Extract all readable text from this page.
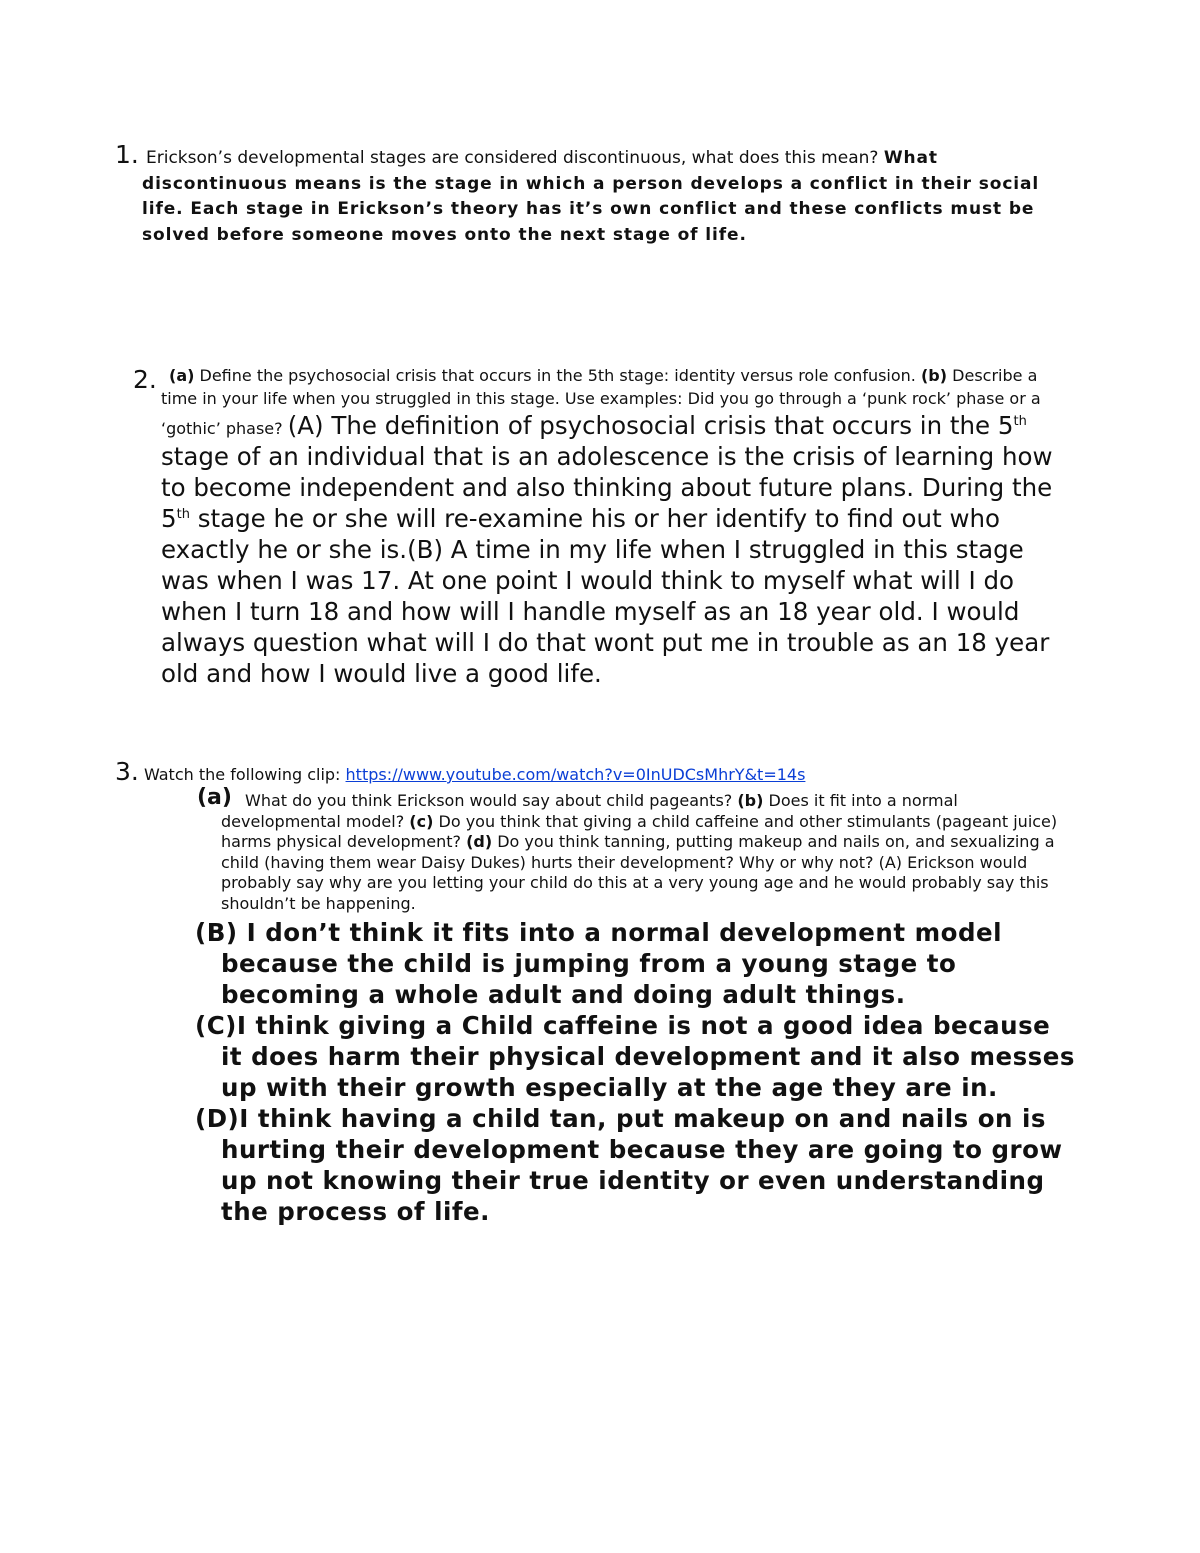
1. Erickson’s developmental stages are considered discontinuous, what does this mean? What discontinuous means is the stage in which a person develops a conflict in their social life. Each stage in Erickson’s theory has it’s own conflict and these conflicts must be solved before someone moves onto the next stage of life.
2. (a) Define the psychosocial crisis that occurs in the 5th stage: identity versus role confusion. (b) Describe a time in your life when you struggled in this stage. Use examples: Did you go through a ‘punk rock’ phase or a ‘gothic’ phase? (A) The definition of psychosocial crisis that occurs in the 5th stage of an individual that is an adolescence is the crisis of learning how to become independent and also thinking about future plans. During the 5th stage he or she will re-examine his or her identify to find out who exactly he or she is.(B) A time in my life when I struggled in this stage was when I was 17. At one point I would think to myself what will I do when I turn 18 and how will I handle myself as an 18 year old. I would always question what will I do that wont put me in trouble as an 18 year old and how I would live a good life.
3. Watch the following clip: https://www.youtube.com/watch?v=0InUDCsMhrY&t=14s
(a) What do you think Erickson would say about child pageants? (b) Does it fit into a normal developmental model? (c) Do you think that giving a child caffeine and other stimulants (pageant juice) harms physical development? (d) Do you think tanning, putting makeup and nails on, and sexualizing a child (having them wear Daisy Dukes) hurts their development? Why or why not? (A) Erickson would probably say why are you letting your child do this at a very young age and he would probably say this shouldn’t be happening.

(B) I don’t think it fits into a normal development model because the child is jumping from a young stage to becoming a whole adult and doing adult things.

(C)I think giving a Child caffeine is not a good idea because it does harm their physical development and it also messes up with their growth especially at the age they are in.

(D)I think having a child tan, put makeup on and nails on is hurting their development because they are going to grow up not knowing their true identity or even understanding the process of life.
